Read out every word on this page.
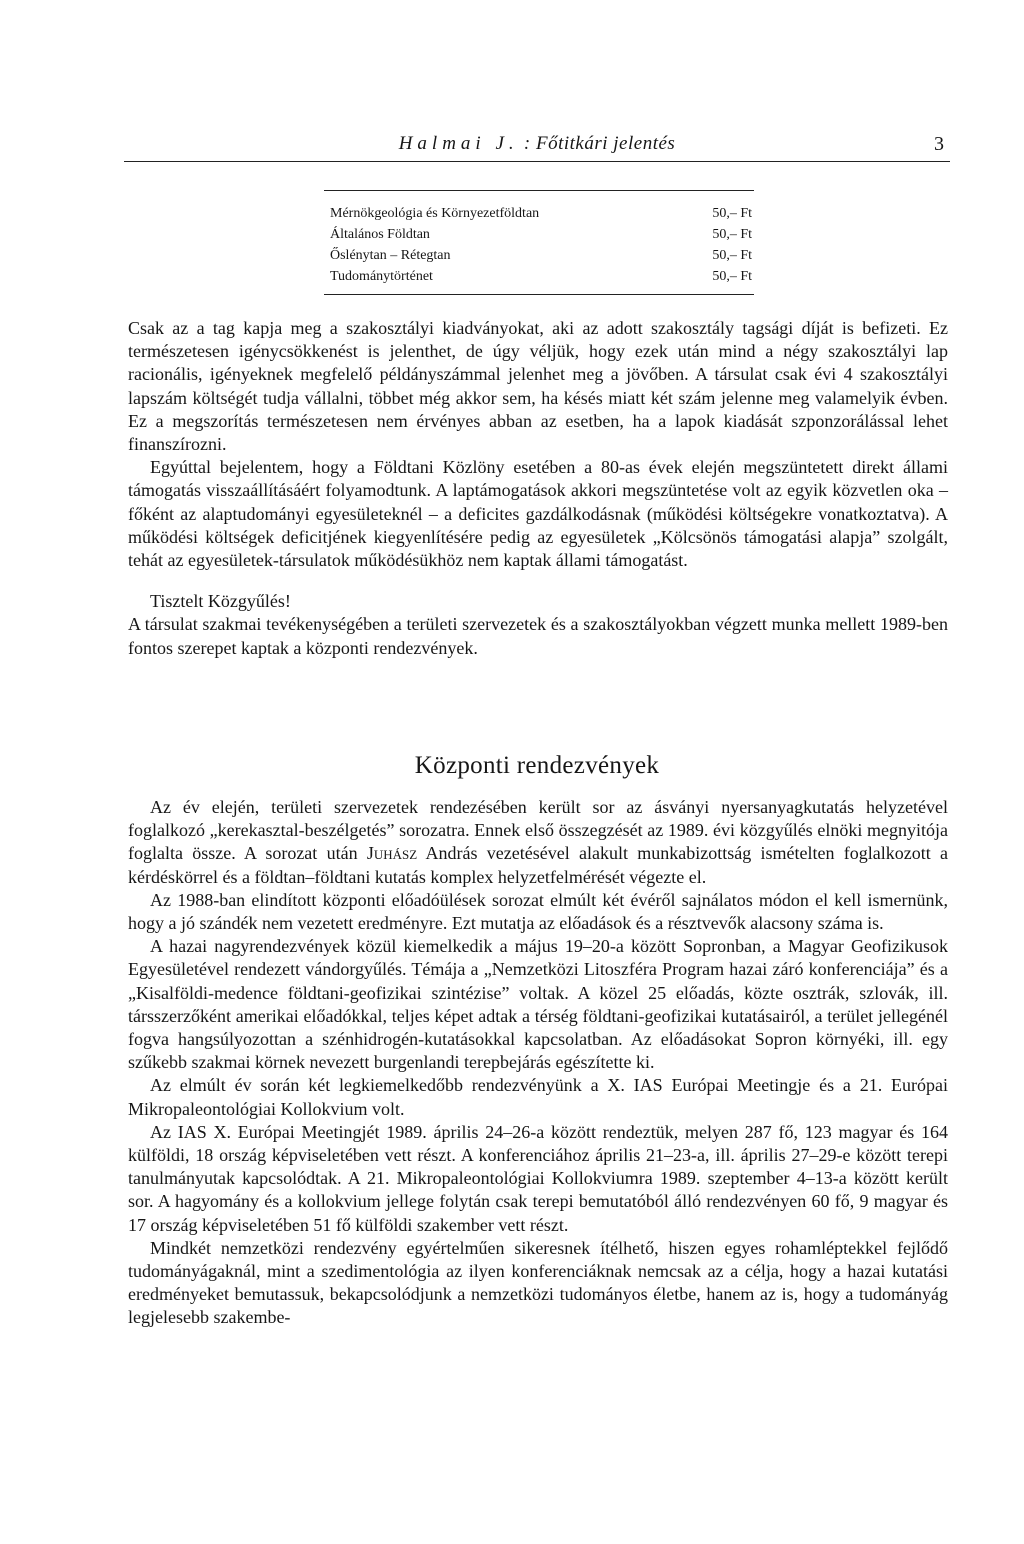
Halmai J. : Főtitkári jelentés	3
Mérnökgeológia és Környezetföldtan	50,– Ft
Általános Földtan	50,– Ft
Őslénytan – Rétegtan	50,– Ft
Tudománytörténet	50,– Ft

Csak az a tag kapja meg a szakosztályi kiadványokat, aki az adott szakosztály tagsági díját is befizeti. Ez természetesen igénycsökkenést is jelenthet, de úgy véljük, hogy ezek után mind a négy szakosztályi lap racionális, igényeknek megfelelő példányszámmal jelenhet meg a jövőben. A társulat csak évi 4 szakosztályi lapszám költségét tudja vállalni, többet még akkor sem, ha késés miatt két szám jelenne meg valamelyik évben. Ez a megszorítás természetesen nem érvényes abban az esetben, ha a lapok kiadását szponzorálással lehet finanszírozni.

Egyúttal bejelentem, hogy a Földtani Közlöny esetében a 80-as évek elején megszüntetett direkt állami támogatás visszaállításáért folyamodtunk. A laptámogatások akkori megszüntetése volt az egyik közvetlen oka – főként az alaptudományi egyesületeknél – a deficites gazdálkodásnak (működési költségekre vonatkoztatva). A működési költségek deficitjének kiegyenlítésére pedig az egyesületek „Kölcsönös támogatási alapja” szolgált, tehát az egyesületek-társulatok működésükhöz nem kaptak állami támogatást.

Tisztelt Közgyűlés!

A társulat szakmai tevékenységében a területi szervezetek és a szakosztályokban végzett munka mellett 1989-ben fontos szerepet kaptak a központi rendezvények.

Központi rendezvények

Az év elején, területi szervezetek rendezésében került sor az ásványi nyersanyagkutatás helyzetével foglalkozó „kerekasztal-beszélgetés” sorozatra. Ennek első összegzését az 1989. évi közgyűlés elnöki megnyitója foglalta össze. A sorozat után Juhász András vezetésével alakult munkabizottság ismételten foglalkozott a kérdéskörrel és a földtan–földtani kutatás komplex helyzetfelmérését végezte el.

Az 1988-ban elindított központi előadóülések sorozat elmúlt két évéről sajnálatos módon el kell ismernünk, hogy a jó szándék nem vezetett eredményre. Ezt mutatja az előadások és a résztvevők alacsony száma is.

A hazai nagyrendezvények közül kiemelkedik a május 19–20-a között Sopronban, a Magyar Geofizikusok Egyesületével rendezett vándorgyűlés. Témája a „Nemzetközi Litoszféra Program hazai záró konferenciája” és a „Kisalföldi-medence földtani-geofizikai szintézise” voltak. A közel 25 előadás, közte osztrák, szlovák, ill. társszerzőként amerikai előadókkal, teljes képet adtak a térség földtani-geofizikai kutatásairól, a terület jellegénél fogva hangsúlyozottan a szénhidrogén-kutatásokkal kapcsolatban. Az előadásokat Sopron környéki, ill. egy szűkebb szakmai körnek nevezett burgenlandi terepbejárás egészítette ki.

Az elmúlt év során két legkiemelkedőbb rendezvényünk a X. IAS Európai Meetingje és a 21. Európai Mikropaleontológiai Kollokvium volt.

Az IAS X. Európai Meetingjét 1989. április 24–26-a között rendeztük, melyen 287 fő, 123 magyar és 164 külföldi, 18 ország képviseletében vett részt. A konferenciához április 21–23-a, ill. április 27–29-e között terepi tanulmányutak kapcsolódtak. A 21. Mikropaleontológiai Kollokviumra 1989. szeptember 4–13-a között került sor. A hagyomány és a kollokvium jellege folytán csak terepi bemutatóból álló rendezvényen 60 fő, 9 magyar és 17 ország képviseletében 51 fő külföldi szakember vett részt.

Mindkét nemzetközi rendezvény egyértelműen sikeresnek ítélhető, hiszen egyes rohamléptekkel fejlődő tudományágaknál, mint a szedimentológia az ilyen konferenciáknak nemcsak az a célja, hogy a hazai kutatási eredményeket bemutassuk, bekapcsolódjunk a nemzetközi tudományos életbe, hanem az is, hogy a tudományág legjelesebb szakembe-
